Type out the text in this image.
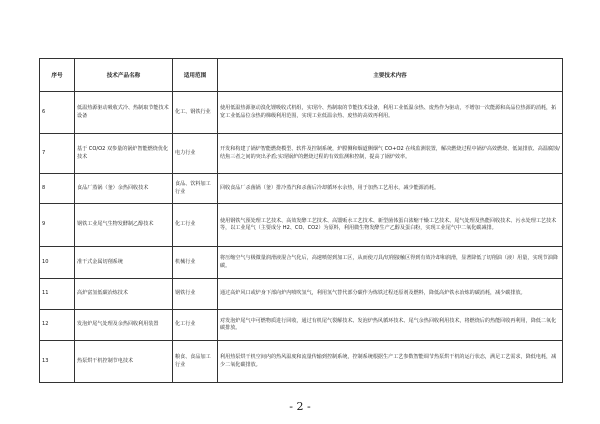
序号	技术产品名称	适用范围	主要技术内容
6	低温热源驱动吸收式冷、热制取节能技术设备	化工、钢铁行业	使用低温热源驱动溴化锂吸收式机组，实现冷、热制取的节能技术设备，利用工业低温余热、废热作为驱动，不增加一次能源和高品位热源的消耗，拓宽工业低品位余热的梯级利用范围，实现工业低温余热、废热的高效再利用。
7	基于 CO/O2 双参量的锅炉智能燃烧优化技术	电力行业	开发和构建了锅炉智能燃烧模型、软件及控制系统，炉膛侧和烟道侧烟气 CO+O2 在线监测装置，解决燃烧过程中锅炉高效燃烧、低氮排放、高温腐蚀/结焦三者之间的突出矛盾;实现锅炉的燃烧过程的有效监测和控制，提高了锅炉效率。
8	食品厂蒸锅（釜）余热回收技术	食品、饮料加工行业	回收食品厂杀菌锅（釜）排冷蒸汽和杀菌后冷却循环水余热，用于加热工艺用水，减少能源消耗。
9	钢铁工业尾气生物发酵制乙醇技术	化工行业	使用钢铁气预处理工艺技术、高效发酵工艺技术、高馏贩水工艺技术、新型菌体蛋白浓缩干燥工艺技术、尾气处理及热能回收技术、污水处理工艺技术等，以工业尾气（主要成分 H2、CO、CO2）为原料，利用微生物发酵生产乙醇及蛋白粉，实现工业尾气中二氧化碳减排。
10	准干式金属切削系统	机械行业	将压缩空气与极微量润滑液混合气化后，高速喷射到加工区，从而使刀具/切削接触区得到有效冷却和润滑，显著降低了切削油（液）用量，实现节油降碳。
11	高炉富氢低碳冶炼技术	钢铁行业	通过高炉风口或炉身下部向炉内喷吹氢气，利用氢气替代部分碳作为炼铁过程还原剂及燃料，降低高炉铁水冶炼的碳消耗，减少碳排放。
12	发泡炉尾气处理及余热回收利用装置	化工行业	对发泡炉尾气中可燃物质进行回收，通过有机尾气裂解技术、发泡炉热风循环技术、尾气余热回收利用技术，将燃烧后的热能回收再利用，降低二氧化碳排放。
13	热泵烘干机控制节电技术	粮食、食品加工行业	利用热泵烘干机空间内的热风温度和流量传输到控制系统，控制系统根据生产工艺参数智能调节热泵烘干机的运行状态，满足工艺需求，降低电耗，减少二氧化碳排放。
- 2 -
